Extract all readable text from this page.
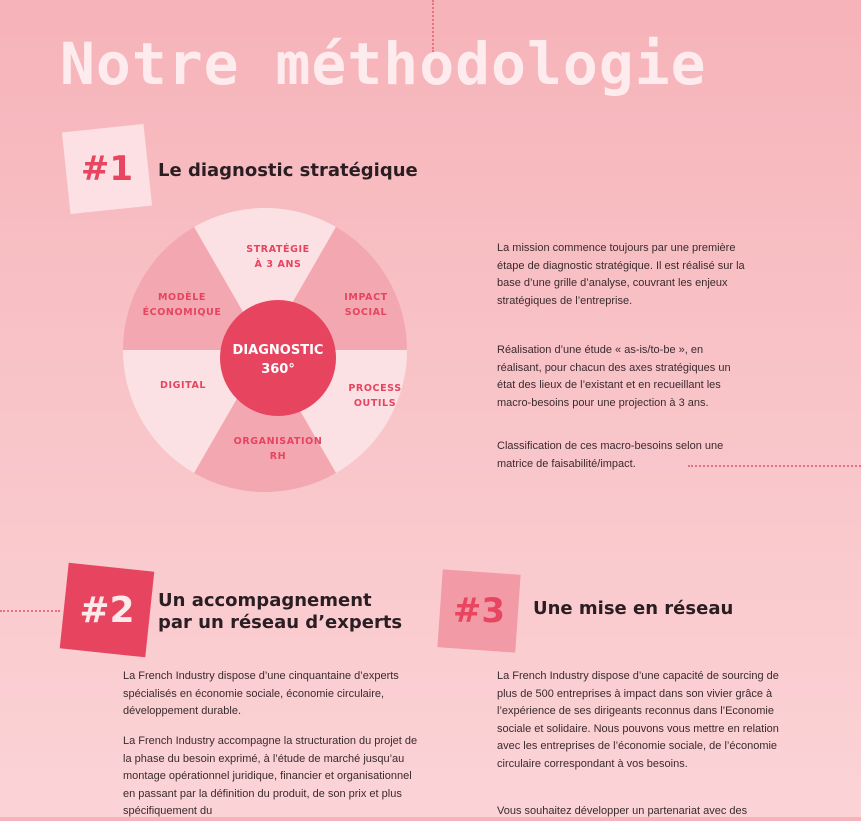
Notre méthodologie
#1 Le diagnostic stratégique
STRATÉGIE
À 3 ANS
IMPACT
SOCIAL
PROCESS
OUTILS
ORGANISATION
RH
DIGITAL
MODÈLE
ÉCONOMIQUE
DIAGNOSTIC
360°

La mission commence toujours par une première étape de diagnostic stratégique. Il est réalisé sur la base d’une grille d’analyse, couvrant les enjeux stratégiques de l’entreprise.

Réalisation d’une étude « as-is/to-be », en réalisant, pour chacun des axes stratégiques un état des lieux de l’existant et en recueillant les macro-besoins pour une projection à 3 ans.

Classification de ces macro-besoins selon une matrice de faisabilité/impact.

#2 Un accompagnement
par un réseau d’experts

La French Industry dispose d’une cinquantaine d’experts spécialisés en économie sociale, économie circulaire, développement durable.

La French Industry accompagne la structuration du projet de la phase du besoin exprimé, à l’étude de marché jusqu’au montage opérationnel juridique, financier et organisationnel en passant par la définition du produit, de son prix et plus spécifiquement du

#3 Une mise en réseau

La French Industry dispose d’une capacité de sourcing de plus de 500 entreprises à impact dans son vivier grâce à l’expérience de ses dirigeants reconnus dans l’Economie sociale et solidaire. Nous pouvons vous mettre en relation avec les entreprises de l’économie sociale, de l’économie circulaire correspondant à vos besoins.

Vous souhaitez développer un partenariat avec des
